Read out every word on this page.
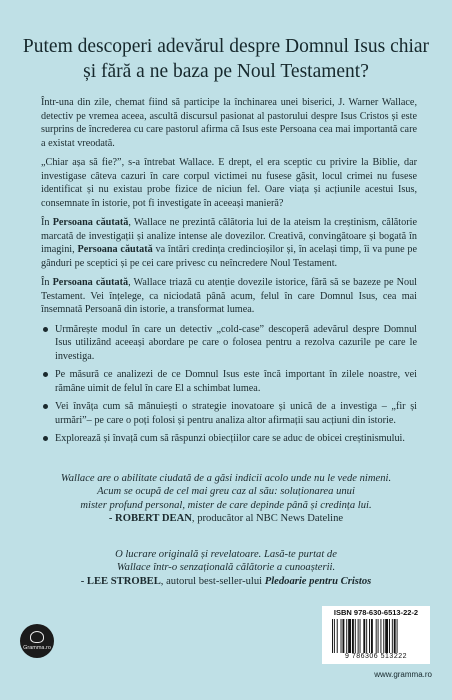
Putem descoperi adevărul despre Domnul Isus chiar și fără a ne baza pe Noul Testament?

Într-una din zile, chemat fiind să participe la închinarea unei biserici, J. Warner Wallace, detectiv pe vremea aceea, ascultă discursul pasionat al pastorului despre Isus Cristos și este surprins de încrederea cu care pastorul afirma că Isus este Persoana cea mai importantă care a existat vreodată.

„Chiar așa să fie?”, s-a întrebat Wallace. E drept, el era sceptic cu privire la Biblie, dar investigase câteva cazuri în care corpul victimei nu fusese găsit, locul crimei nu fusese identificat și nu existau probe fizice de niciun fel. Oare viața și acțiunile acestui Isus, consemnate în istorie, pot fi investigate în aceeași manieră?

În Persoana căutată, Wallace ne prezintă călătoria lui de la ateism la creștinism, călătorie marcată de investigații și analize intense ale dovezilor. Creativă, convingătoare și bogată în imagini, Persoana căutată va întări credința credincioșilor și, în același timp, îi va pune pe gânduri pe sceptici și pe cei care privesc cu neîncredere Noul Testament.

În Persoana căutată, Wallace triază cu atenție dovezile istorice, fără să se bazeze pe Noul Testament. Vei înțelege, ca niciodată până acum, felul în care Domnul Isus, cea mai însemnată Persoană din istorie, a transformat lumea.

Urmărește modul în care un detectiv „cold-case” descoperă adevărul despre Domnul Isus utilizând aceeași abordare pe care o folosea pentru a rezolva cazurile pe care le investiga.
Pe măsură ce analizezi de ce Domnul Isus este încă important în zilele noastre, vei rămâne uimit de felul în care El a schimbat lumea.
Vei învăța cum să mânuiești o strategie inovatoare și unică de a investiga – „fir și urmări”– pe care o poți folosi și pentru analiza altor afirmații sau acțiuni din istorie.
Explorează și învață cum să răspunzi obiecțiilor care se aduc de obicei creștinismului.
Wallace are o abilitate ciudată de a găsi indicii acolo unde nu le vede nimeni.
Acum se ocupă de cel mai greu caz al său: soluționarea unui
mister profund personal, mister de care depinde până și credința lui.
- ROBERT DEAN, producător al NBC News Dateline
O lucrare originală și revelatoare. Lasă-te purtat de
Wallace într-o senzațională călătorie a cunoașterii.
- LEE STROBEL, autorul best-seller-ului Pledoarie pentru Cristos
Gramma.ro
ISBN 978-630-6513-22-2
9 786306 513222
www.gramma.ro
